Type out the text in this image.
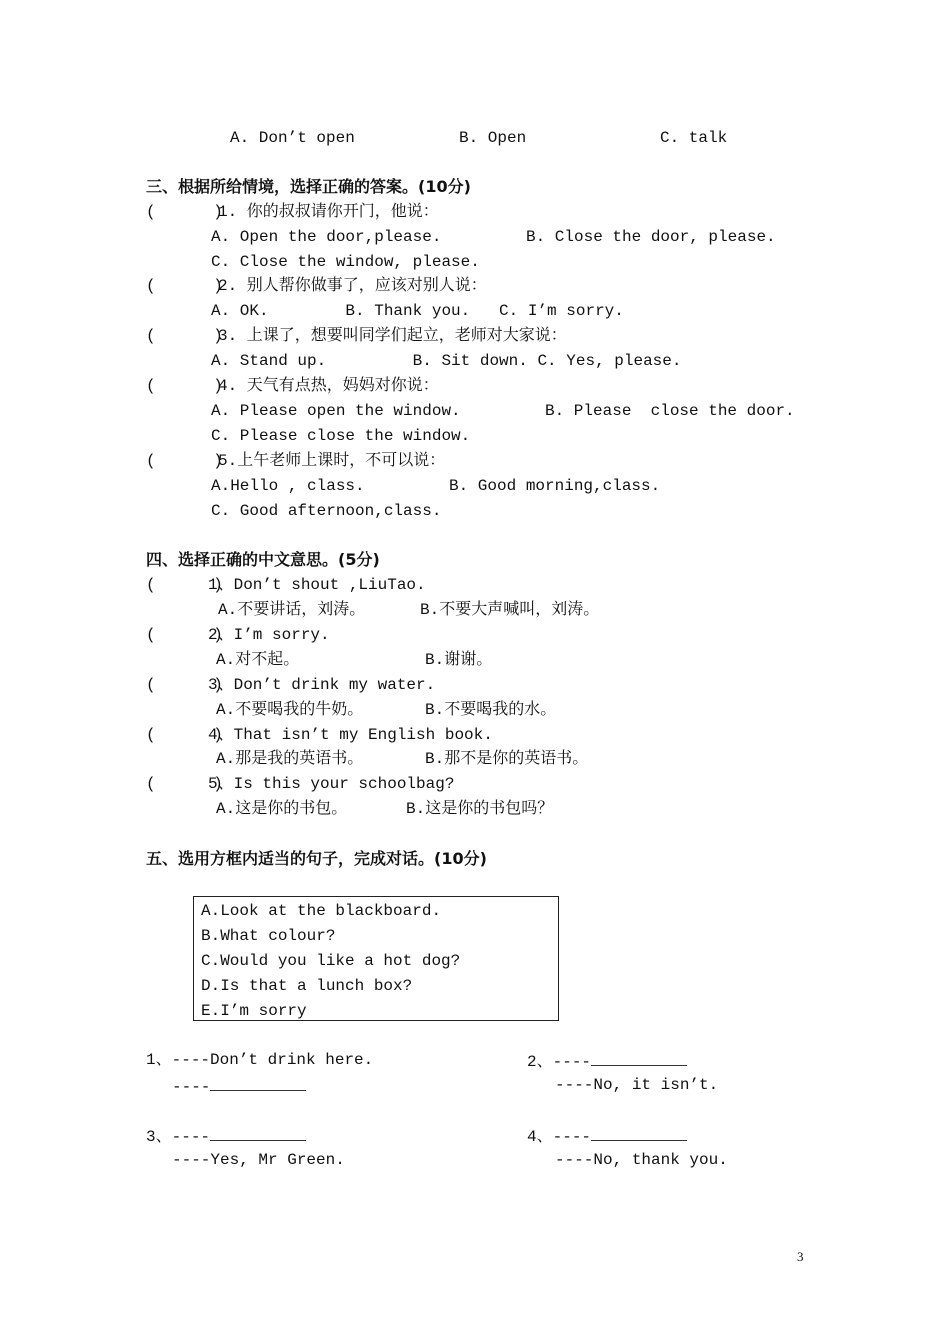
A. Don’t open	B. Open	C. talk
三、根据所给情境，选择正确的答案。(10分)
(      )
1. 你的叔叔请你开门，他说：
A. Open the door,please.	B. Close the door, please.
C. Close the window, please.
(      )
2. 别人帮你做事了，应该对别人说：
A. OK.        B. Thank you.   C. I’m sorry.
(      )
3. 上课了，想要叫同学们起立，老师对大家说：
A. Stand up.         B. Sit down. C. Yes, please.
(      )
4. 天气有点热，妈妈对你说：
A. Please open the window.	B. Please  close the door.
C. Please close the window.
(      )
5.上午老师上课时，不可以说：
A.Hello , class.	B. Good morning,class.
C. Good afternoon,class.
四、选择正确的中文意思。(5分)
(      )
1、Don’t shout ,LiuTao.
A.不要讲话，刘涛。	B.不要大声喊叫，刘涛。
(      )
2、I’m sorry.
A.对不起。	B.谢谢。
(      )
3、Don’t drink my water.
A.不要喝我的牛奶。	B.不要喝我的水。
(      )
4、That isn’t my English book.
A.那是我的英语书。	B.那不是你的英语书。
(      )
5、Is this your schoolbag?
A.这是你的书包。	B.这是你的书包吗？
五、选用方框内适当的句子，完成对话。(10分)
A.Look at the blackboard.
B.What colour?
C.Would you like a hot dog?
D.Is that a lunch box?
E.I’m sorry
1、----Don’t drink here.
----
2、----
----No, it isn’t.
3、----
----Yes, Mr Green.
4、----
----No, thank you.
3
